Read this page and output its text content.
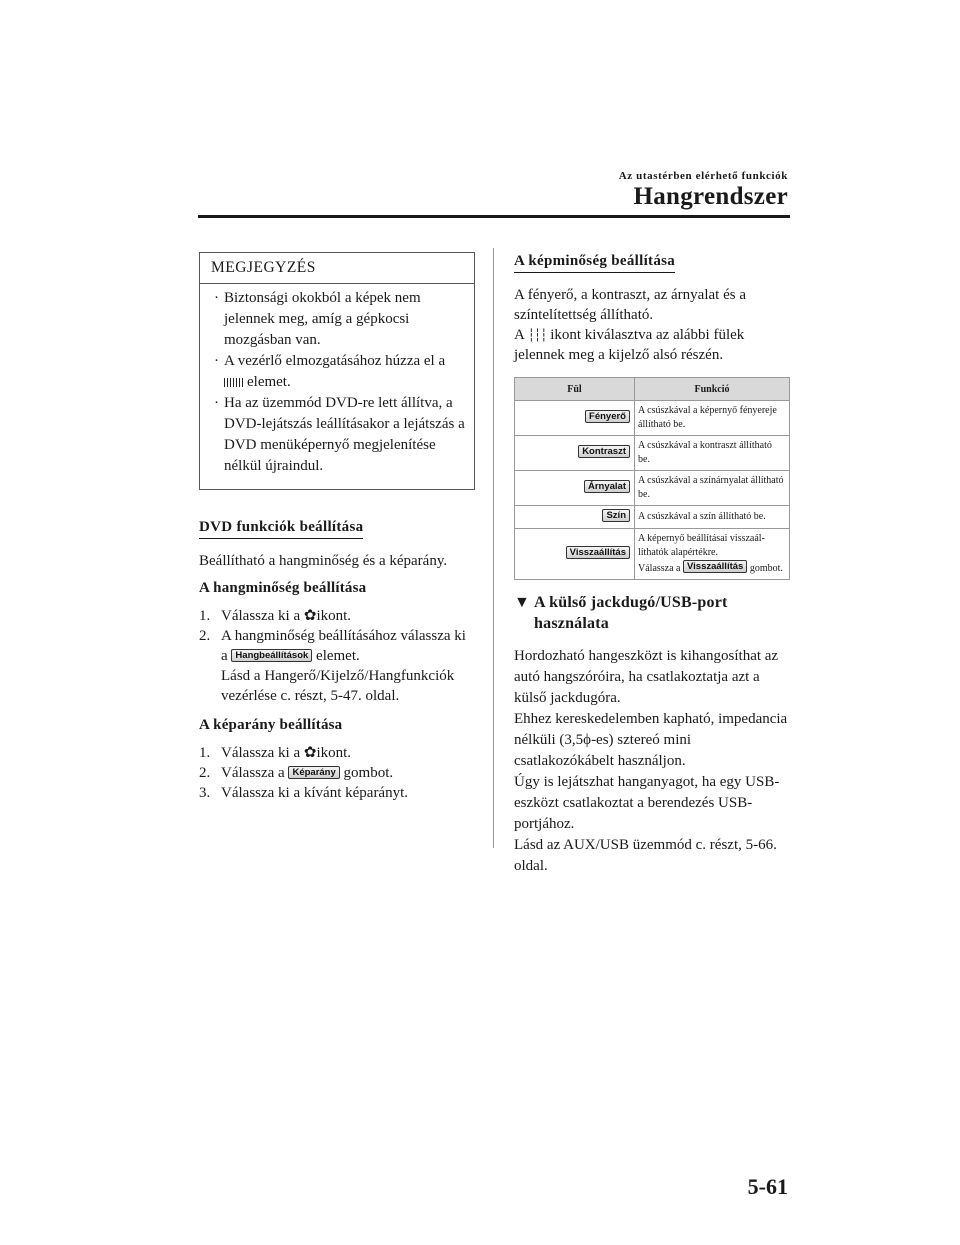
Az utastérben elérhető funkciók
Hangrendszer
MEGJEGYZÉS
· Biztonsági okokból a képek nem jelennek meg, amíg a gépkocsi mozgásban van.
· A vezérlő elmozgatásához húzza el a
elemet.
· Ha az üzemmód DVD-re lett állítva, a DVD-lejátszás leállításakor a lejátszás a DVD menüképernyő megjelenítése nélkül újraindul.
DVD funkciók beállítása

Beállítható a hangminőség és a képarány.

A hangminőség beállítása
1. Válassza ki a ✿ikont.
2. A hangminőség beállításához válassza ki a Hangbeállítások elemet.
Lásd a Hangerő/Kijelző/Hangfunkciók vezérlése c. részt, 5-47. oldal.
A képarány beállítása
1. Válassza ki a ✿ikont.
2. Válassza a Képarány gombot.
3. Válassza ki a kívánt képarányt.
A képminőség beállítása

A fényerő, a kontraszt, az árnyalat és a színtelítettség állítható.

A ┆┆┆ ikont kiválasztva az alábbi fülek jelennek meg a kijelző alsó részén.

Fül	Funkció
Fényerő	A csúszkával a képernyő fényereje állítható be.
Kontraszt	A csúszkával a kontraszt állítható be.
Árnyalat	A csúszkával a színárnyalat állítható be.
Szín	A csúszkával a szín állítható be.
Visszaállítás	A képernyő beállításai visszaállíthatók alapértékre.
Válassza a Visszaállítás gombot.
▼ A külső jackdugó/USB-port használata

Hordozható hangeszközt is kihangosíthat az autó hangszóróira, ha csatlakoztatja azt a külső jackdugóra.

Ehhez kereskedelemben kapható, impedancia nélküli (3,5ϕ-es) sztereó mini csatlakozókábelt használjon.

Úgy is lejátszhat hanganyagot, ha egy USB-eszközt csatlakoztat a berendezés USB-portjához.

Lásd az AUX/USB üzemmód c. részt, 5-66. oldal.

5-61
